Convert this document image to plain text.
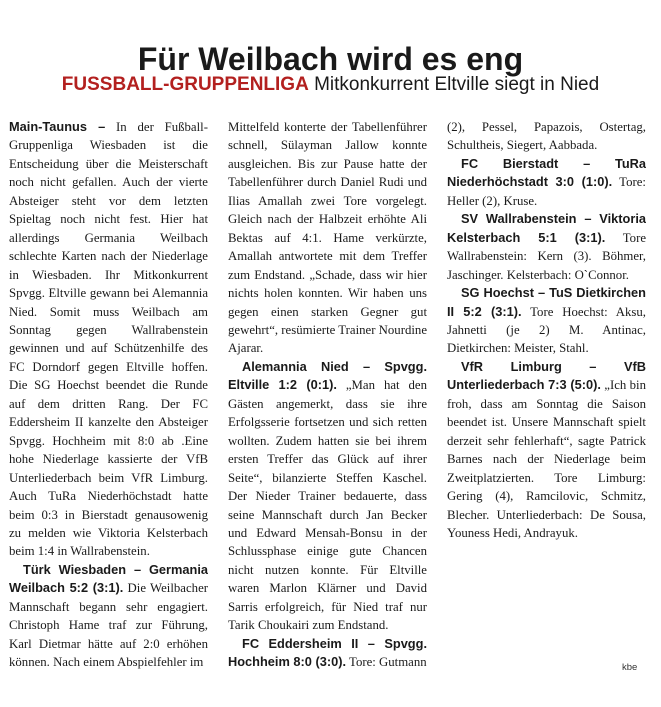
Für Weilbach wird es eng
FUSSBALL-GRUPPENLIGA Mitkonkurrent Eltville siegt in Nied

Main-Taunus – In der Fußball-Gruppenliga Wiesbaden ist die Entscheidung über die Meisterschaft noch nicht gefallen. Auch der vierte Absteiger steht vor dem letzten Spieltag noch nicht fest. Hier hat allerdings Germania Weilbach schlechte Karten nach der Niederlage in Wiesbaden. Ihr Mitkonkurrent Spvgg. Eltville gewann bei Alemannia Nied. Somit muss Weilbach am Sonntag gegen Wallrabenstein gewinnen und auf Schützenhilfe des FC Dorndorf gegen Eltville hoffen. Die SG Hoechst beendet die Runde auf dem dritten Rang. Der FC Eddersheim II kanzelte den Absteiger Spvgg. Hochheim mit 8:0 ab .Eine hohe Niederlage kassierte der VfB Unterliederbach beim VfR Limburg. Auch TuRa Niederhöchstadt hatte beim 0:3 in Bierstadt genausowenig zu melden wie Viktoria Kelsterbach beim 1:4 in Wallrabenstein.

Türk Wiesbaden – Germania Weilbach 5:2 (3:1). Die Weilbacher Mannschaft begann sehr engagiert. Christoph Hame traf zur Führung, Karl Dietmar hätte auf 2:0 erhöhen können. Nach einem Abspielfehler im

Mittelfeld konterte der Tabellenführer schnell, Sülayman Jallow konnte ausgleichen. Bis zur Pause hatte der Tabellenführer durch Daniel Rudi und Ilias Amallah zwei Tore vorgelegt. Gleich nach der Halbzeit erhöhte Ali Bektas auf 4:1. Hame verkürzte, Amallah antwortete mit dem Treffer zum Endstand. „Schade, dass wir hier nichts holen konnten. Wir haben uns gegen einen starken Gegner gut gewehrt“, resümierte Trainer Nourdine Ajarar.

Alemannia Nied – Spvgg. Eltville 1:2 (0:1). „Man hat den Gästen angemerkt, dass sie ihre Erfolgsserie fortsetzen und sich retten wollten. Zudem hatten sie bei ihrem ersten Treffer das Glück auf ihrer Seite“, bilanzierte Steffen Kaschel. Der Nieder Trainer bedauerte, dass seine Mannschaft durch Jan Becker und Edward Mensah-Bonsu in der Schlussphase einige gute Chancen nicht nutzen konnte. Für Eltville waren Marlon Klärner und David Sarris erfolgreich, für Nied traf nur Tarik Choukairi zum Endstand.

FC Eddersheim II – Spvgg. Hochheim 8:0 (3:0). Tore: Gutmann

(2), Pessel, Papazois, Ostertag, Schultheis, Siegert, Aabbada.

FC Bierstadt – TuRa Niederhöchstadt 3:0 (1:0). Tore: Heller (2), Kruse.

SV Wallrabenstein – Viktoria Kelsterbach 5:1 (3:1). Tore Wallrabenstein: Kern (3). Böhmer, Jaschinger. Kelsterbach: O`Connor.

SG Hoechst – TuS Dietkirchen II 5:2 (3:1). Tore Hoechst: Aksu, Jahnetti (je 2) M. Antinac, Dietkirchen: Meister, Stahl.

VfR Limburg – VfB Unterliederbach 7:3 (5:0). „Ich bin froh, dass am Sonntag die Saison beendet ist. Unsere Mannschaft spielt derzeit sehr fehlerhaft“, sagte Patrick Barnes nach der Niederlage beim Zweitplatzierten. Tore Limburg: Gering (4), Ramcilovic, Schmitz, Blecher. Unterliederbach: De Sousa, Youness Hedi, Andrayuk.

kbe
